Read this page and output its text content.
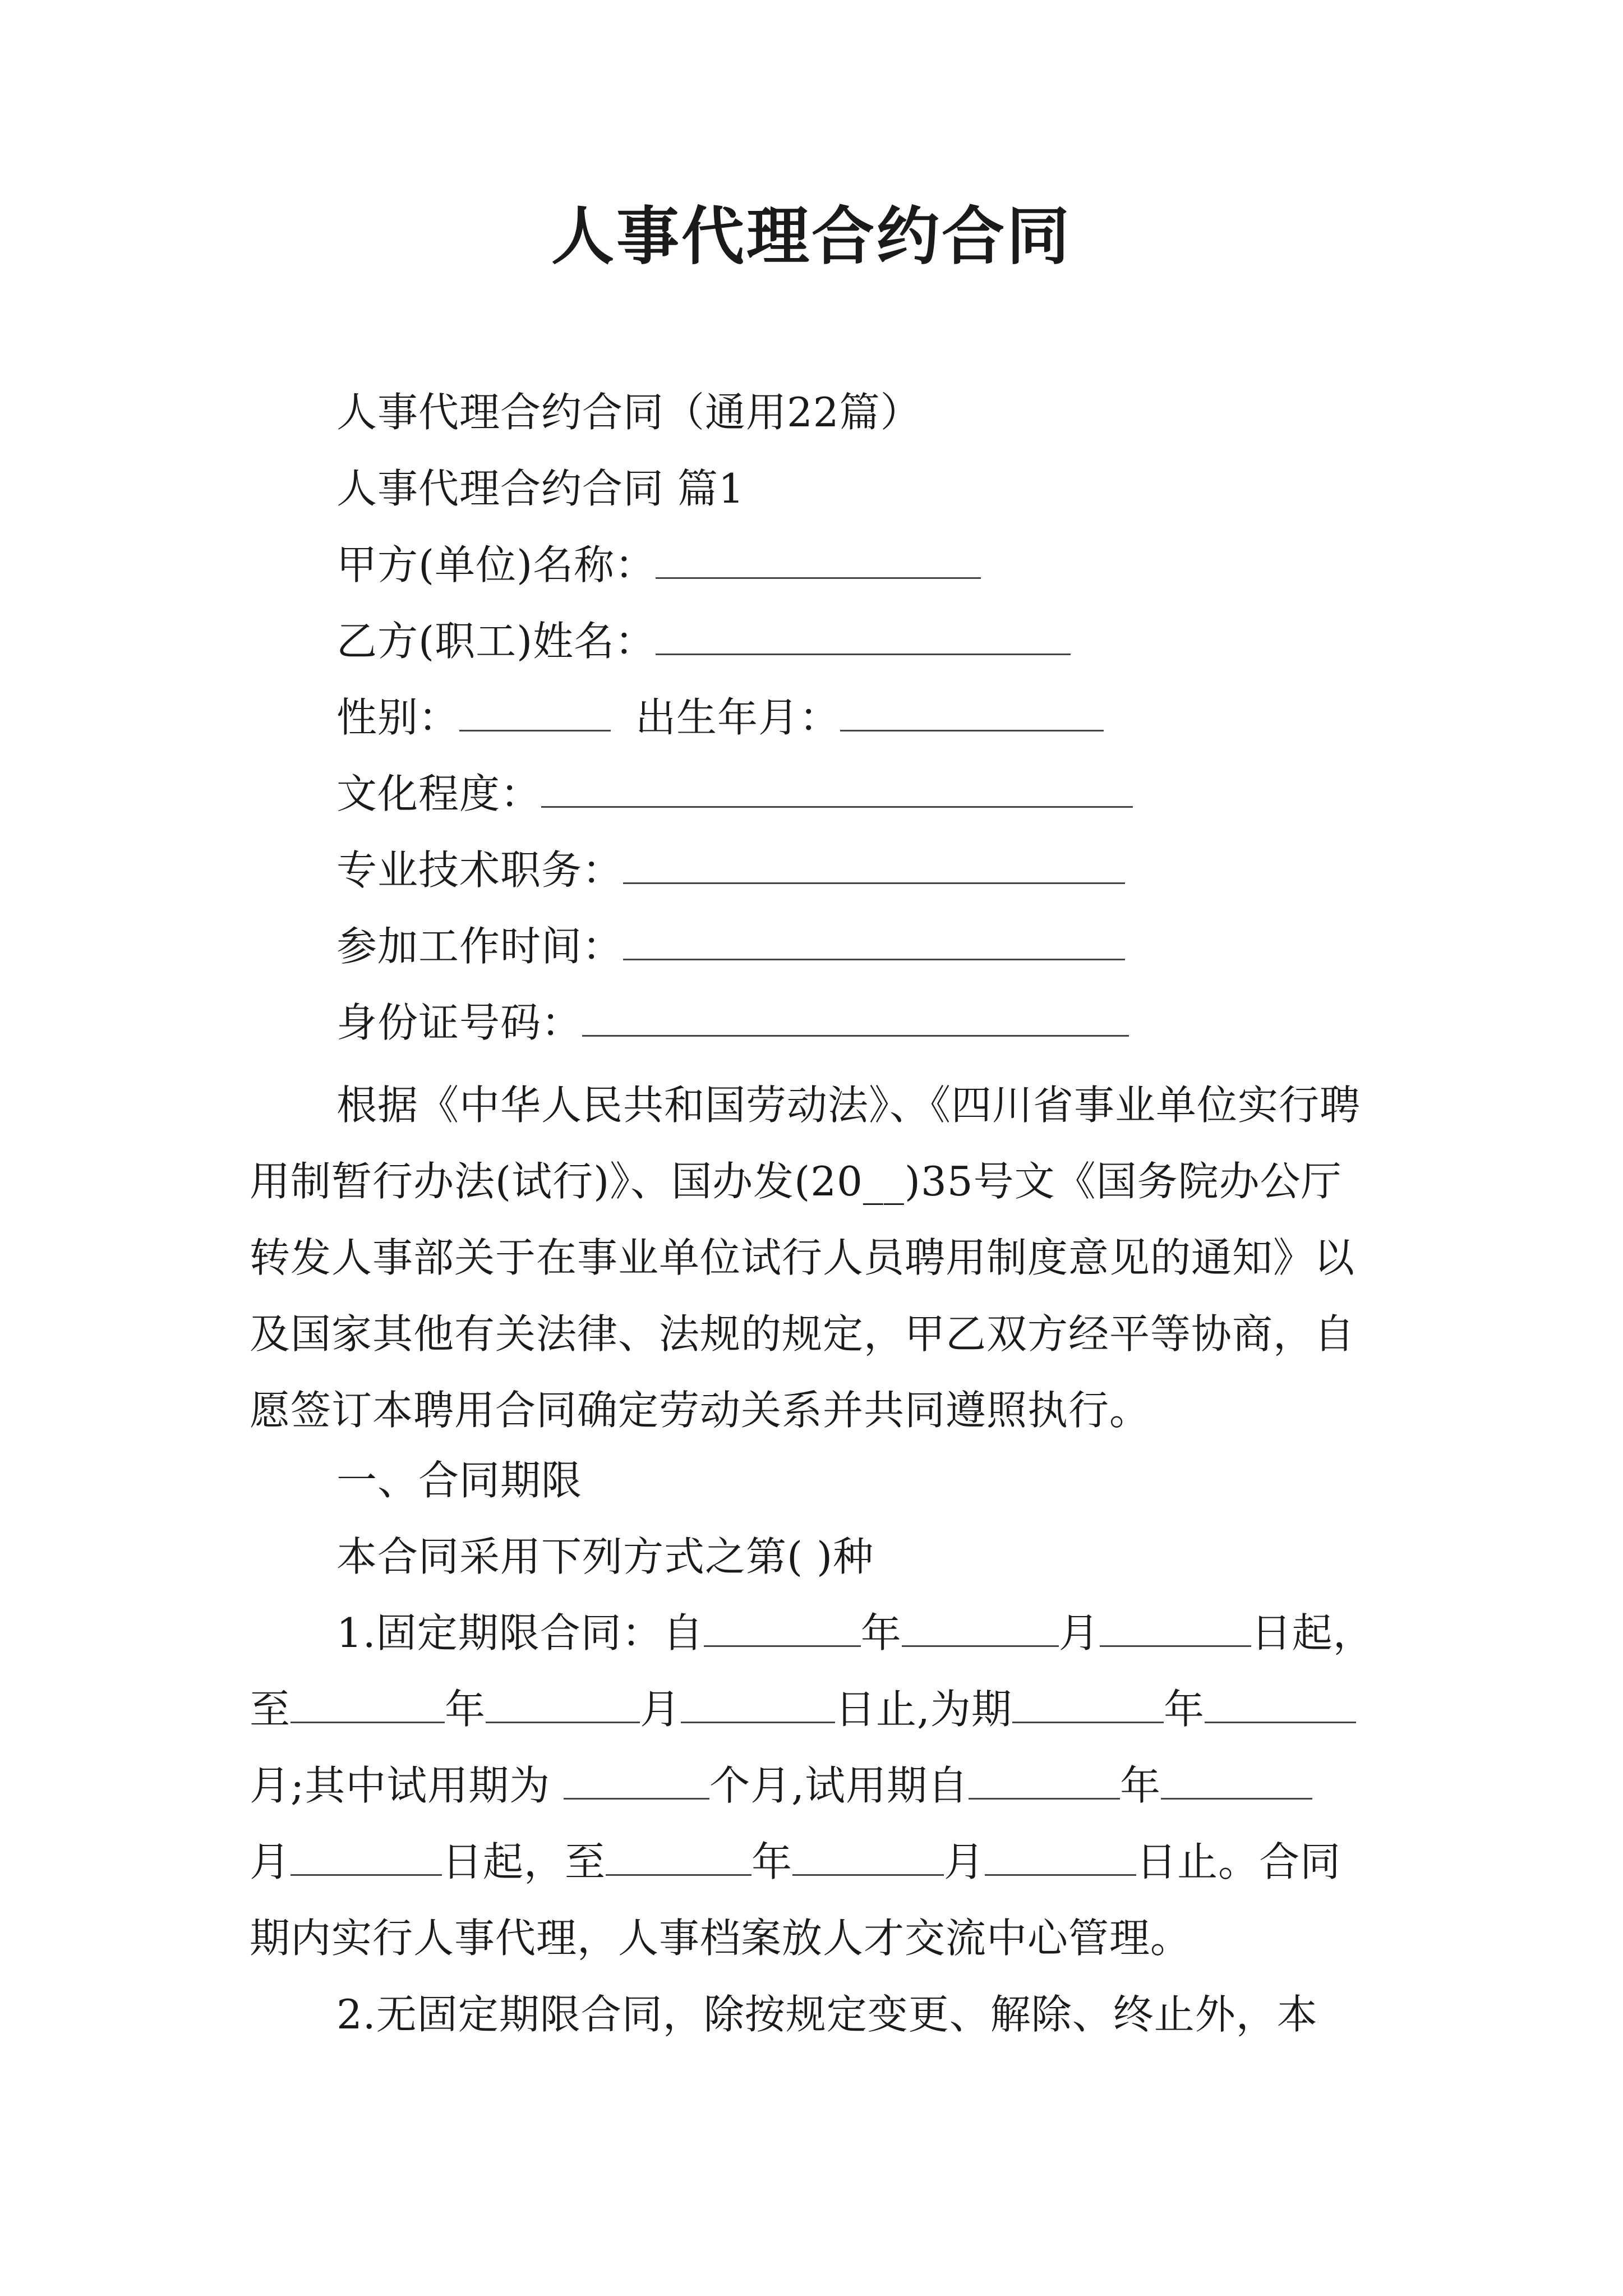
人事代理合约合同
人事代理合约合同（通用22篇）
人事代理合约合同 篇1
甲方(单位)名称：
乙方(职工)姓名：
性别：	出生年月：
文化程度：
专业技术职务：
参加工作时间：
身份证号码：
根据《中华人民共和国劳动法》、《四川省事业单位实行聘用制暂行办法(试行)》、国办发(20__)35号文《国务院办公厅转发人事部关于在事业单位试行人员聘用制度意见的通知》以及国家其他有关法律、法规的规定，甲乙双方经平等协商，自愿签订本聘用合同确定劳动关系并共同遵照执行。
一、合同期限
本合同采用下列方式之第( )种
1.固定期限合同：自	年	月	日起，
至	年	月	日止,为期	年
月;其中试用期为	个月,试用期自	年
月	日起，至	年	月	日止。合同
期内实行人事代理，人事档案放人才交流中心管理。
2.无固定期限合同，除按规定变更、解除、终止外，本
